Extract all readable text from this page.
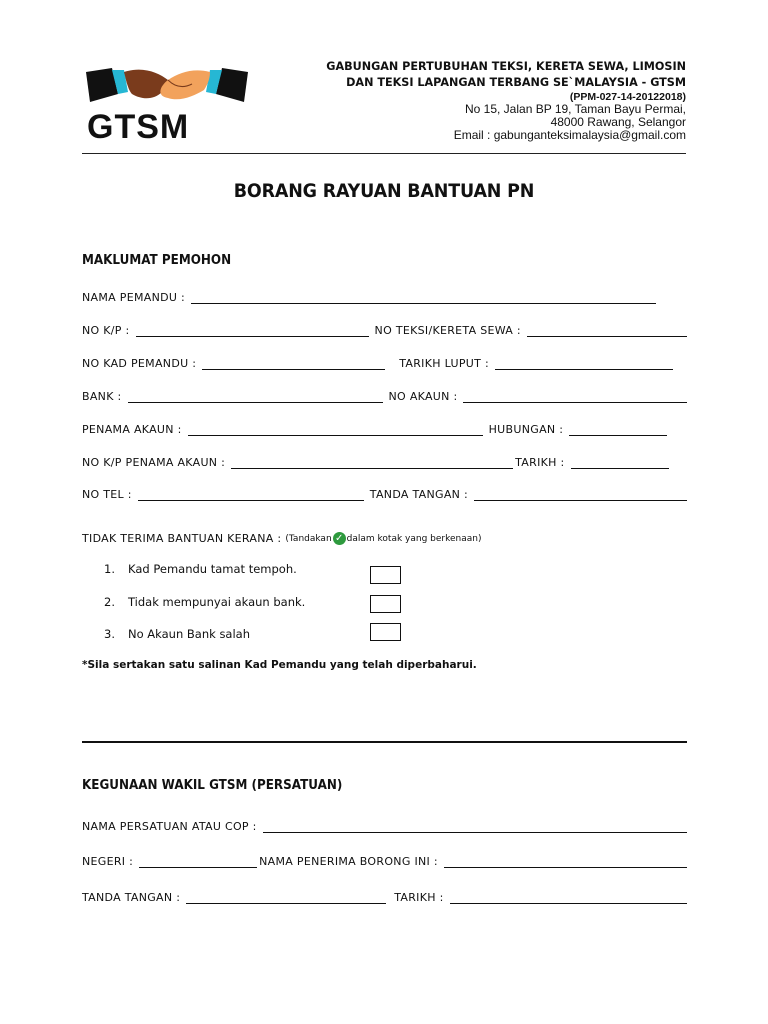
GTSM
GABUNGAN PERTUBUHAN TEKSI, KERETA SEWA, LIMOSIN
DAN TEKSI LAPANGAN TERBANG SE`MALAYSIA - GTSM
(PPM-027-14-20122018)
No 15, Jalan BP 19, Taman Bayu Permai,
48000 Rawang, Selangor
Email : gabunganteksimalaysia@gmail.com
BORANG RAYUAN BANTUAN PN
MAKLUMAT PEMOHON
NAMA PEMANDU :
NO K/P :	NO TEKSI/KERETA SEWA :
NO KAD PEMANDU :	TARIKH LUPUT :
BANK :	NO AKAUN :
PENAMA AKAUN :	HUBUNGAN :
NO K/P PENAMA AKAUN :	TARIKH :
NO TEL :	TANDA TANGAN :
TIDAK TERIMA BANTUAN KERANA : (Tandakan ✓ dalam kotak yang berkenaan)
1.	Kad Pemandu tamat tempoh.
2.	Tidak mempunyai akaun bank.
3.	No Akaun Bank salah
*Sila sertakan satu salinan Kad Pemandu yang telah diperbaharui.
KEGUNAAN WAKIL GTSM (PERSATUAN)
NAMA PERSATUAN ATAU COP :
NEGERI :	NAMA PENERIMA BORONG INI :
TANDA TANGAN :	TARIKH :
